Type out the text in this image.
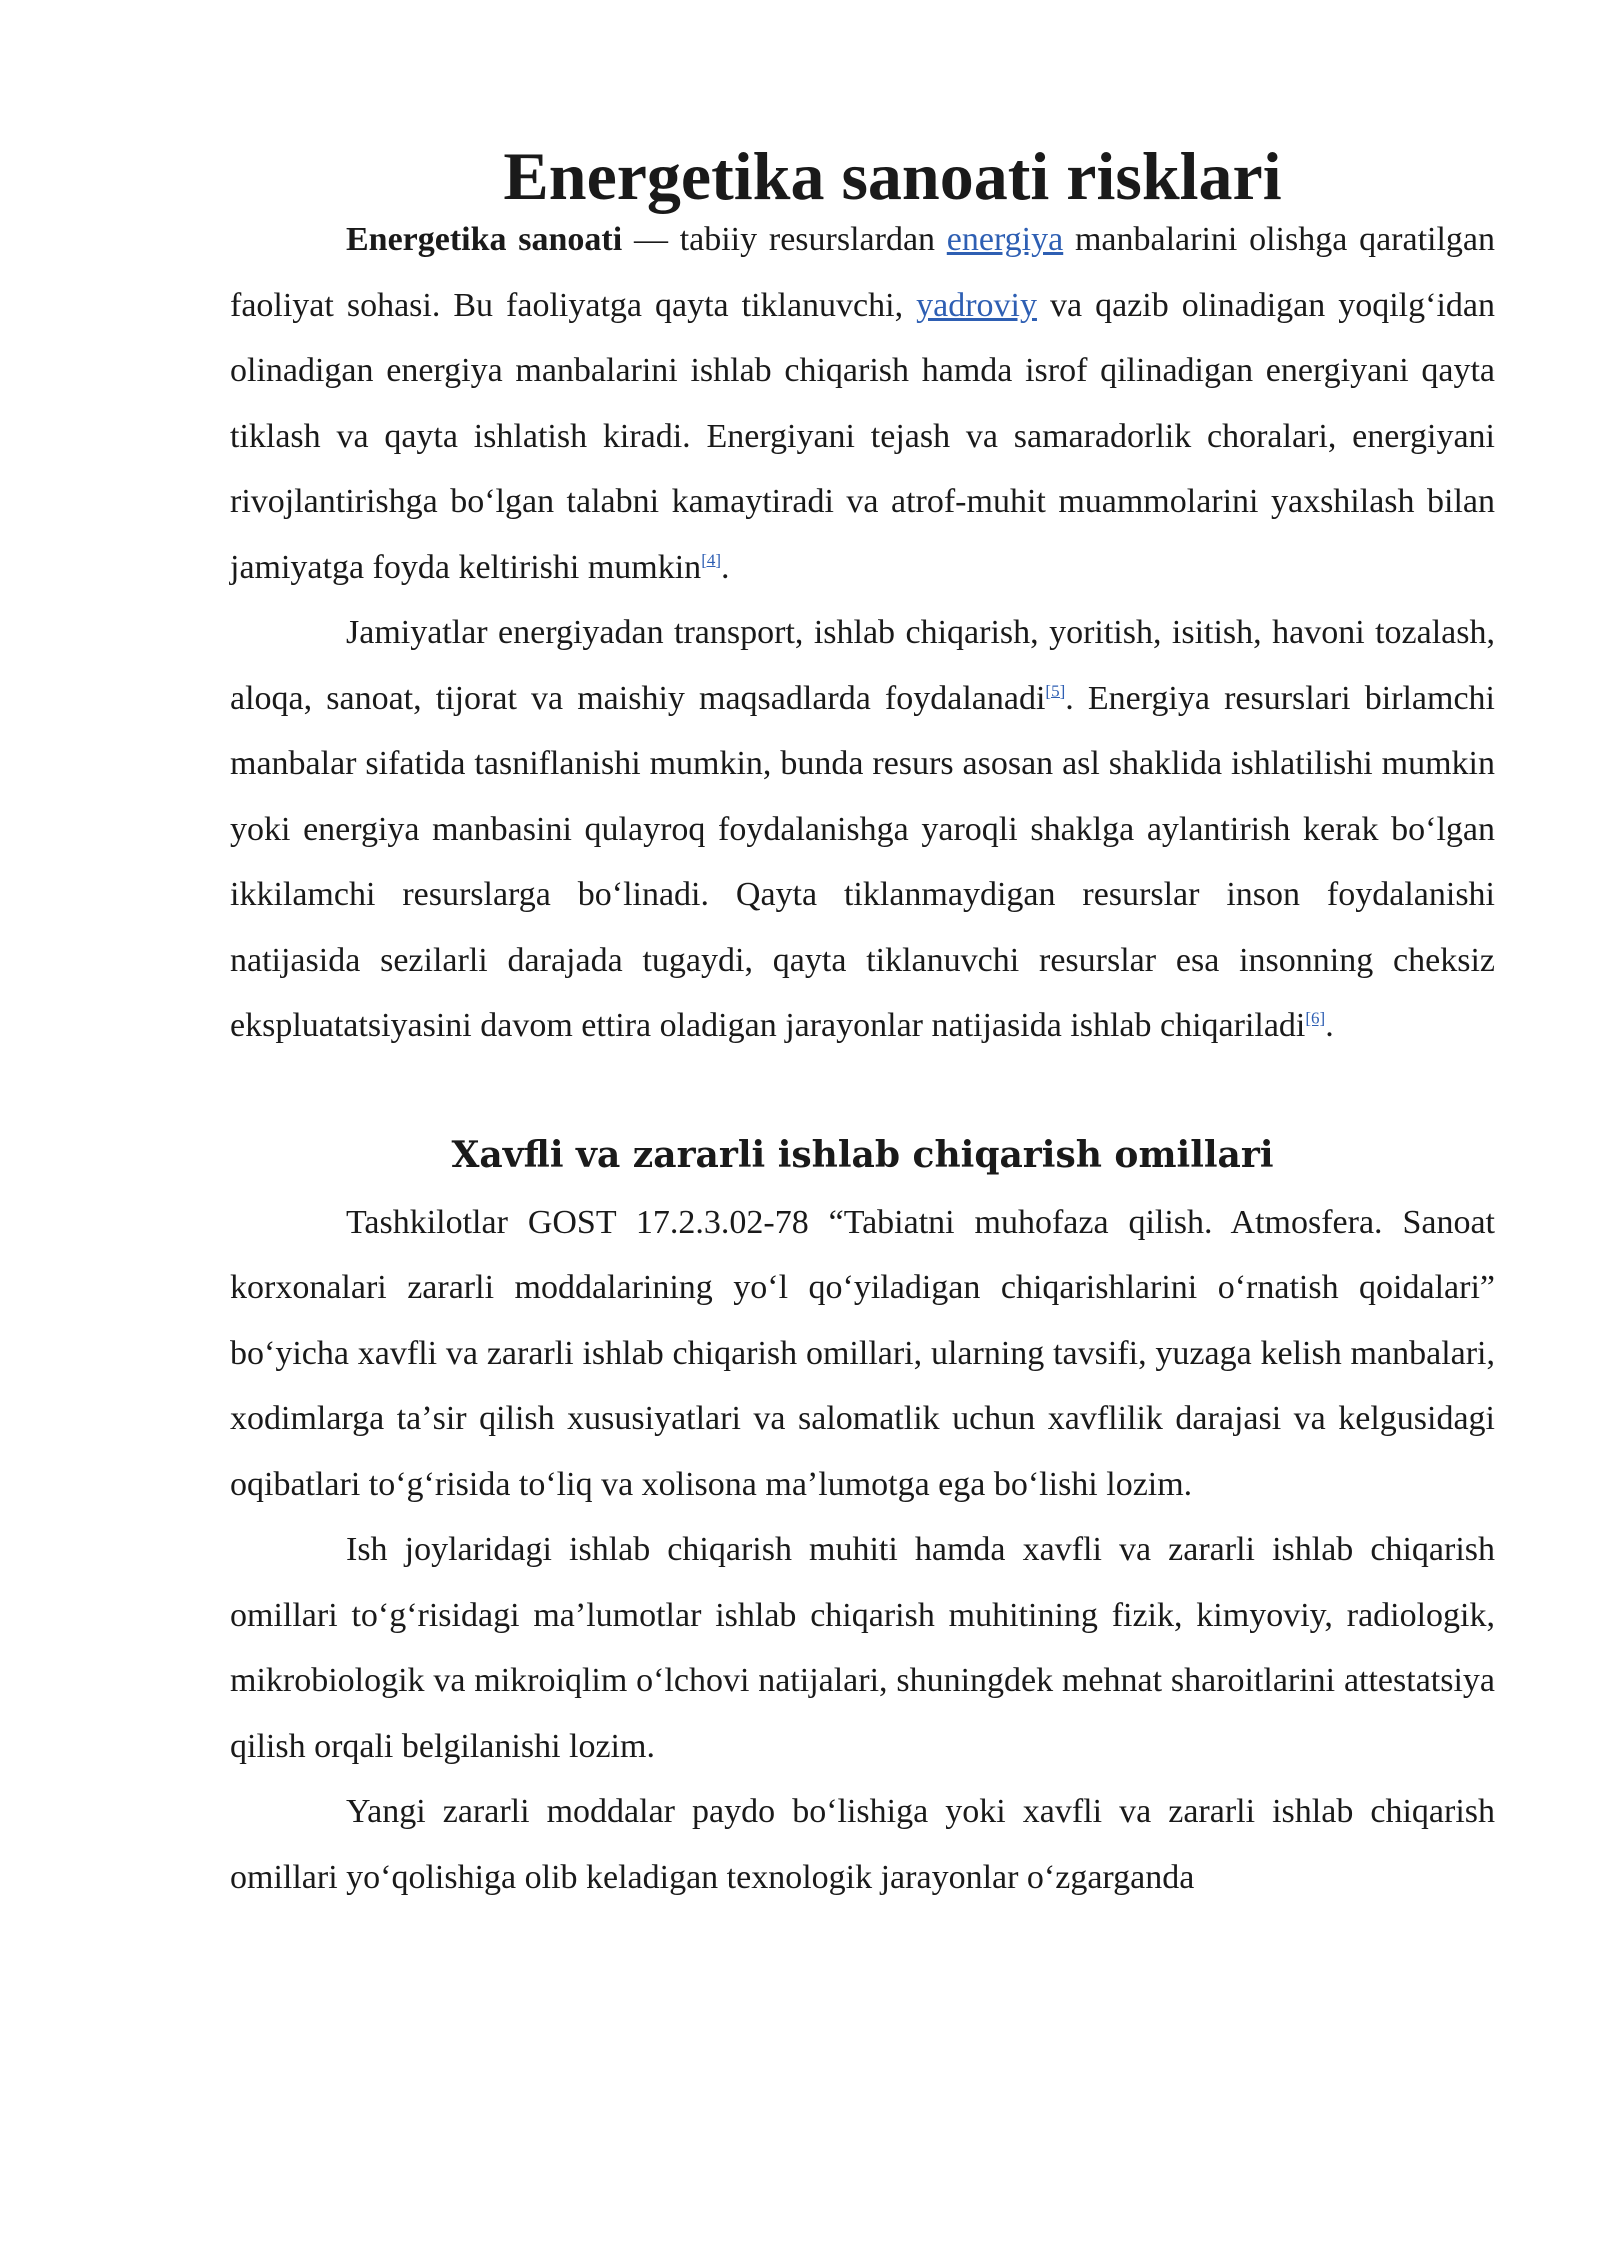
Energetika sanoati risklari

Energetika sanoati — tabiiy resurslardan energiya manbalarini olishga qaratilgan faoliyat sohasi. Bu faoliyatga qayta tiklanuvchi, yadroviy va qazib olinadigan yoqilgʻidan olinadigan energiya manbalarini ishlab chiqarish hamda isrof qilinadigan energiyani qayta tiklash va qayta ishlatish kiradi. Energiyani tejash va samaradorlik choralari, energiyani rivojlantirishga boʻlgan talabni kamaytiradi va atrof-muhit muammolarini yaxshilash bilan jamiyatga foyda keltirishi mumkin[4].

Jamiyatlar energiyadan transport, ishlab chiqarish, yoritish, isitish, havoni tozalash, aloqa, sanoat, tijorat va maishiy maqsadlarda foydalanadi[5]. Energiya resurslari birlamchi manbalar sifatida tasniflanishi mumkin, bunda resurs asosan asl shaklida ishlatilishi mumkin yoki energiya manbasini qulayroq foydalanishga yaroqli shaklga aylantirish kerak boʻlgan ikkilamchi resurslarga boʻlinadi. Qayta tiklanmaydigan resurslar inson foydalanishi natijasida sezilarli darajada tugaydi, qayta tiklanuvchi resurslar esa insonning cheksiz ekspluatatsiyasini davom ettira oladigan jarayonlar natijasida ishlab chiqariladi[6].

Xavfli va zararli ishlab chiqarish omillari

Tashkilotlar GOST 17.2.3.02-78 “Tabiatni muhofaza qilish. Atmosfera. Sanoat korxonalari zararli moddalarining yoʻl qoʻyiladigan chiqarishlarini oʻrnatish qoidalari” boʻyicha xavfli va zararli ishlab chiqarish omillari, ularning tavsifi, yuzaga kelish manbalari, xodimlarga taʼsir qilish xususiyatlari va salomatlik uchun xavflilik darajasi va kelgusidagi oqibatlari toʻgʻrisida toʻliq va xolisona maʼlumotga ega boʻlishi lozim.

Ish joylaridagi ishlab chiqarish muhiti hamda xavfli va zararli ishlab chiqarish omillari toʻgʻrisidagi maʼlumotlar ishlab chiqarish muhitining fizik, kimyoviy, radiologik, mikrobiologik va mikroiqlim oʻlchovi natijalari, shuningdek mehnat sharoitlarini attestatsiya qilish orqali belgilanishi lozim.

Yangi zararli moddalar paydo boʻlishiga yoki xavfli va zararli ishlab chiqarish omillari yoʻqolishiga olib keladigan texnologik jarayonlar oʻzgarganda
